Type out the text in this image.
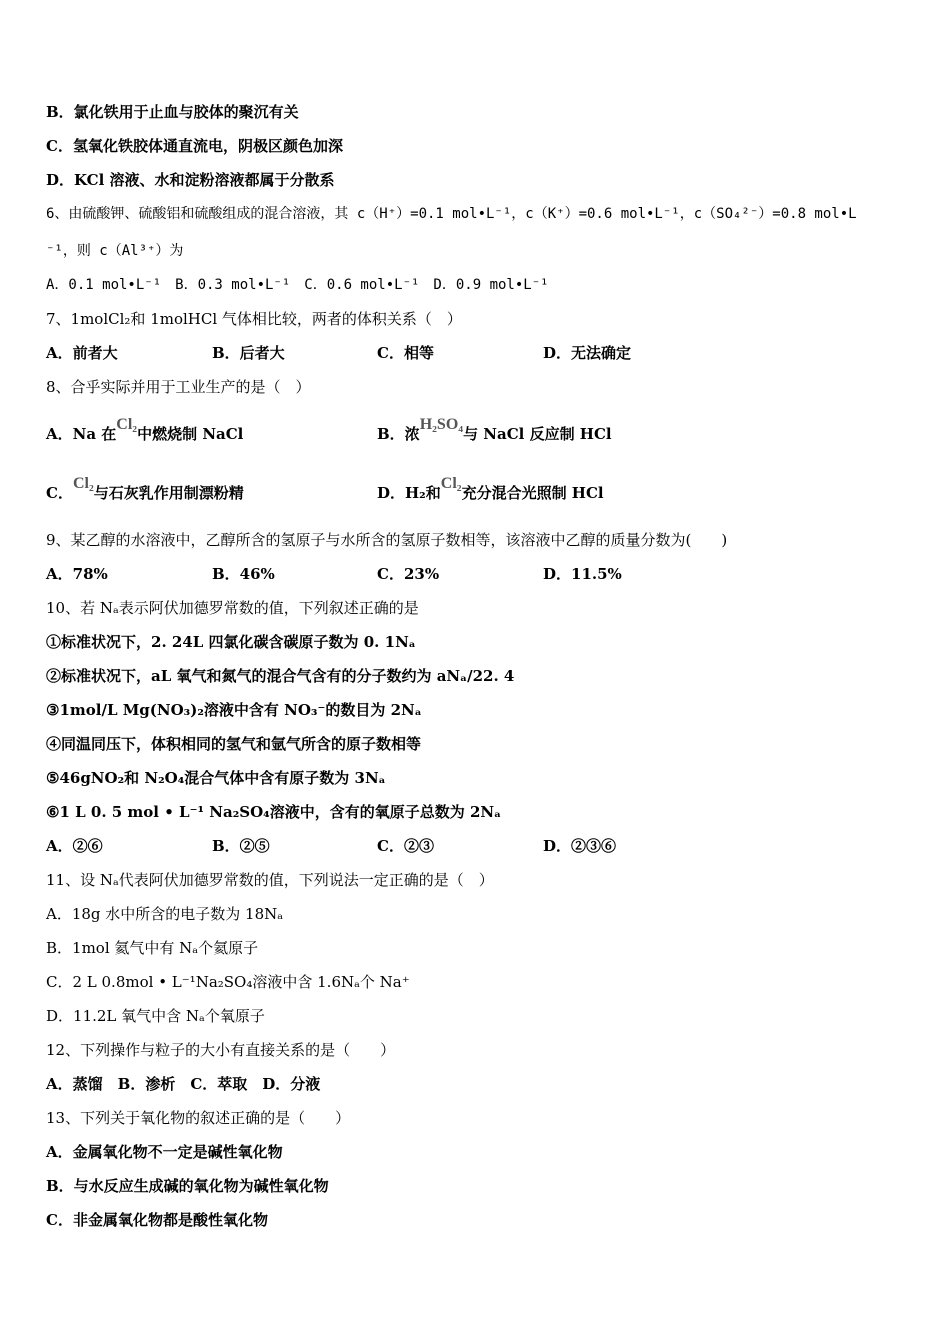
B．氯化铁用于止血与胶体的聚沉有关
C．氢氧化铁胶体通直流电，阴极区颜色加深
D．KCl 溶液、水和淀粉溶液都属于分散系
6、由硫酸钾、硫酸铝和硫酸组成的混合溶液，其 c（H⁺）=0.1 mol•L⁻¹，c（K⁺）=0.6 mol•L⁻¹，c（SO₄²⁻）=0.8 mol•L
⁻¹，则 c（Al³⁺）为
A．0.1 mol•L⁻¹　B．0.3 mol•L⁻¹　C．0.6 mol•L⁻¹　D．0.9 mol•L⁻¹
7、1molCl₂和 1molHCl 气体相比较，两者的体积关系（　）
A．前者大	B．后者大	C．相等	D．无法确定
8、合乎实际并用于工业生产的是（　）
A．Na 在Cl₂中燃烧制 NaCl	B．浓H₂SO₄与 NaCl 反应制 HCl
C．Cl₂与石灰乳作用制漂粉精	D．H₂和Cl₂充分混合光照制 HCl
9、某乙醇的水溶液中，乙醇所含的氢原子与水所含的氢原子数相等，该溶液中乙醇的质量分数为(　　)
A．78%	B．46%	C．23%	D．11.5%
10、若 Nₐ表示阿伏加德罗常数的值，下列叙述正确的是
①标准状况下，2. 24L 四氯化碳含碳原子数为 0. 1Nₐ
②标准状况下，aL 氧气和氮气的混合气含有的分子数约为 aNₐ/22. 4
③1mol/L Mg(NO₃)₂溶液中含有 NO₃⁻的数目为 2Nₐ
④同温同压下，体积相同的氢气和氩气所含的原子数相等
⑤46gNO₂和 N₂O₄混合气体中含有原子数为 3Nₐ
⑥1 L 0. 5 mol • L⁻¹ Na₂SO₄溶液中，含有的氧原子总数为 2Nₐ
A．②⑥	B．②⑤	C．②③	D．②③⑥
11、设 Nₐ代表阿伏加德罗常数的值，下列说法一定正确的是（　）
A．18g 水中所含的电子数为 18Nₐ
B．1mol 氦气中有 Nₐ个氦原子
C．2 L 0.8mol • L⁻¹Na₂SO₄溶液中含 1.6Nₐ个 Na⁺
D．11.2L 氧气中含 Nₐ个氧原子
12、下列操作与粒子的大小有直接关系的是（　　）
A．蒸馏　B．渗析　C．萃取　D．分液
13、下列关于氧化物的叙述正确的是（　　）
A．金属氧化物不一定是碱性氧化物
B．与水反应生成碱的氧化物为碱性氧化物
C．非金属氧化物都是酸性氧化物
